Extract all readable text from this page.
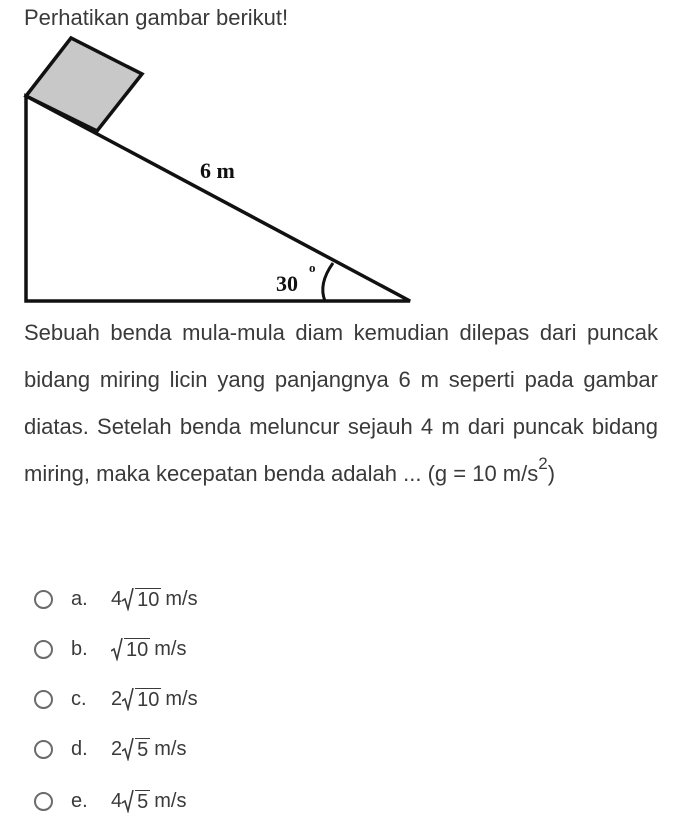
Perhatikan gambar berikut!
6 m
30
o
Sebuah benda mula-mula diam kemudian dilepas dari puncak bidang miring licin yang panjangnya 6 m seperti pada gambar diatas. Setelah benda meluncur sejauh 4 m dari puncak bidang miring, maka kecepatan benda adalah ... (g = 10 $m/s^2$)
a.	4 10 m/s
b.	10 m/s
c.	2 10 m/s
d.	2 5 m/s
e.	4 5 m/s
